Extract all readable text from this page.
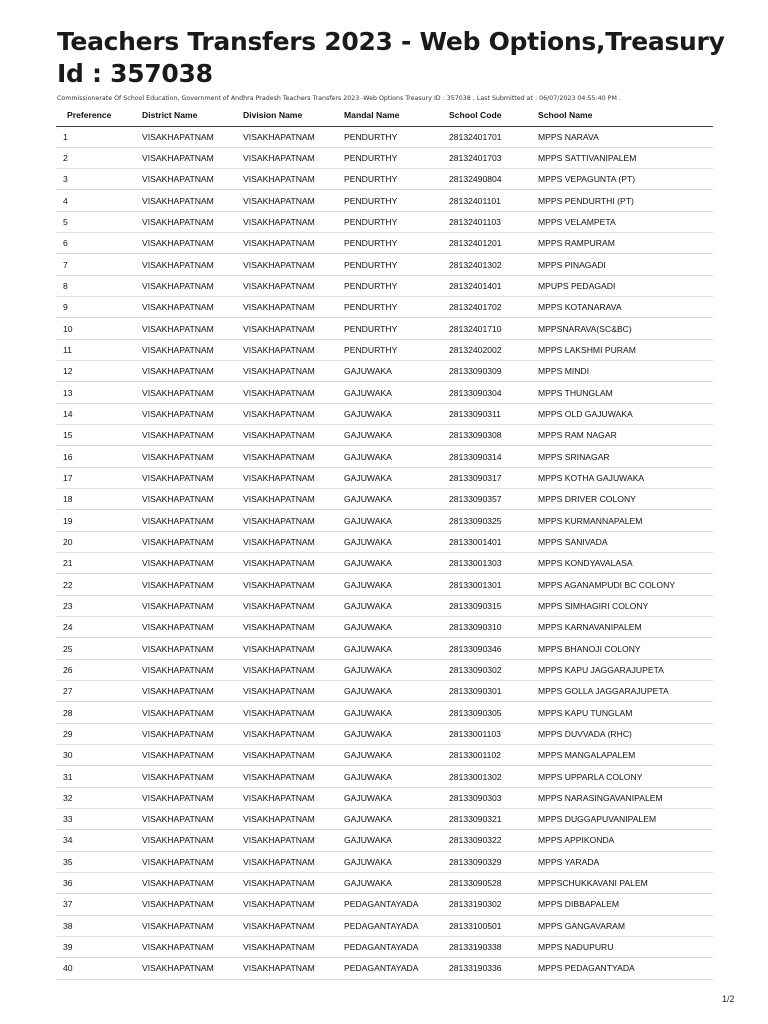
Teachers Transfers 2023 - Web Options,Treasury Id : 357038
Commissionerate Of School Education, Government of Andhra Pradesh Teachers Transfers 2023 -Web Options Treasury ID : 357038 , Last Submitted at : 06/07/2023 04:55:40 PM .
Preference	District Name	Division Name	Mandal Name	School Code	School Name
1	VISAKHAPATNAM	VISAKHAPATNAM	PENDURTHY	28132401701	MPPS NARAVA
2	VISAKHAPATNAM	VISAKHAPATNAM	PENDURTHY	28132401703	MPPS SATTIVANIPALEM
3	VISAKHAPATNAM	VISAKHAPATNAM	PENDURTHY	28132490804	MPPS VEPAGUNTA (PT)
4	VISAKHAPATNAM	VISAKHAPATNAM	PENDURTHY	28132401101	MPPS PENDURTHI (PT)
5	VISAKHAPATNAM	VISAKHAPATNAM	PENDURTHY	28132401103	MPPS VELAMPETA
6	VISAKHAPATNAM	VISAKHAPATNAM	PENDURTHY	28132401201	MPPS RAMPURAM
7	VISAKHAPATNAM	VISAKHAPATNAM	PENDURTHY	28132401302	MPPS PINAGADI
8	VISAKHAPATNAM	VISAKHAPATNAM	PENDURTHY	28132401401	MPUPS PEDAGADI
9	VISAKHAPATNAM	VISAKHAPATNAM	PENDURTHY	28132401702	MPPS KOTANARAVA
10	VISAKHAPATNAM	VISAKHAPATNAM	PENDURTHY	28132401710	MPPSNARAVA(SC&BC)
11	VISAKHAPATNAM	VISAKHAPATNAM	PENDURTHY	28132402002	MPPS LAKSHMI PURAM
12	VISAKHAPATNAM	VISAKHAPATNAM	GAJUWAKA	28133090309	MPPS MINDI
13	VISAKHAPATNAM	VISAKHAPATNAM	GAJUWAKA	28133090304	MPPS THUNGLAM
14	VISAKHAPATNAM	VISAKHAPATNAM	GAJUWAKA	28133090311	MPPS OLD GAJUWAKA
15	VISAKHAPATNAM	VISAKHAPATNAM	GAJUWAKA	28133090308	MPPS RAM NAGAR
16	VISAKHAPATNAM	VISAKHAPATNAM	GAJUWAKA	28133090314	MPPS SRINAGAR
17	VISAKHAPATNAM	VISAKHAPATNAM	GAJUWAKA	28133090317	MPPS KOTHA GAJUWAKA
18	VISAKHAPATNAM	VISAKHAPATNAM	GAJUWAKA	28133090357	MPPS DRIVER COLONY
19	VISAKHAPATNAM	VISAKHAPATNAM	GAJUWAKA	28133090325	MPPS KURMANNAPALEM
20	VISAKHAPATNAM	VISAKHAPATNAM	GAJUWAKA	28133001401	MPPS SANIVADA
21	VISAKHAPATNAM	VISAKHAPATNAM	GAJUWAKA	28133001303	MPPS KONDYAVALASA
22	VISAKHAPATNAM	VISAKHAPATNAM	GAJUWAKA	28133001301	MPPS AGANAMPUDI BC COLONY
23	VISAKHAPATNAM	VISAKHAPATNAM	GAJUWAKA	28133090315	MPPS SIMHAGIRI COLONY
24	VISAKHAPATNAM	VISAKHAPATNAM	GAJUWAKA	28133090310	MPPS KARNAVANIPALEM
25	VISAKHAPATNAM	VISAKHAPATNAM	GAJUWAKA	28133090346	MPPS BHANOJI COLONY
26	VISAKHAPATNAM	VISAKHAPATNAM	GAJUWAKA	28133090302	MPPS KAPU JAGGARAJUPETA
27	VISAKHAPATNAM	VISAKHAPATNAM	GAJUWAKA	28133090301	MPPS GOLLA JAGGARAJUPETA
28	VISAKHAPATNAM	VISAKHAPATNAM	GAJUWAKA	28133090305	MPPS KAPU TUNGLAM
29	VISAKHAPATNAM	VISAKHAPATNAM	GAJUWAKA	28133001103	MPPS DUVVADA (RHC)
30	VISAKHAPATNAM	VISAKHAPATNAM	GAJUWAKA	28133001102	MPPS MANGALAPALEM
31	VISAKHAPATNAM	VISAKHAPATNAM	GAJUWAKA	28133001302	MPPS UPPARLA COLONY
32	VISAKHAPATNAM	VISAKHAPATNAM	GAJUWAKA	28133090303	MPPS NARASINGAVANIPALEM
33	VISAKHAPATNAM	VISAKHAPATNAM	GAJUWAKA	28133090321	MPPS DUGGAPUVANIPALEM
34	VISAKHAPATNAM	VISAKHAPATNAM	GAJUWAKA	28133090322	MPPS APPIKONDA
35	VISAKHAPATNAM	VISAKHAPATNAM	GAJUWAKA	28133090329	MPPS YARADA
36	VISAKHAPATNAM	VISAKHAPATNAM	GAJUWAKA	28133090528	MPPSCHUKKAVANI PALEM
37	VISAKHAPATNAM	VISAKHAPATNAM	PEDAGANTAYADA	28133190302	MPPS DIBBAPALEM
38	VISAKHAPATNAM	VISAKHAPATNAM	PEDAGANTAYADA	28133100501	MPPS GANGAVARAM
39	VISAKHAPATNAM	VISAKHAPATNAM	PEDAGANTAYADA	28133190338	MPPS NADUPURU
40	VISAKHAPATNAM	VISAKHAPATNAM	PEDAGANTAYADA	28133190336	MPPS PEDAGANTYADA
1/2
